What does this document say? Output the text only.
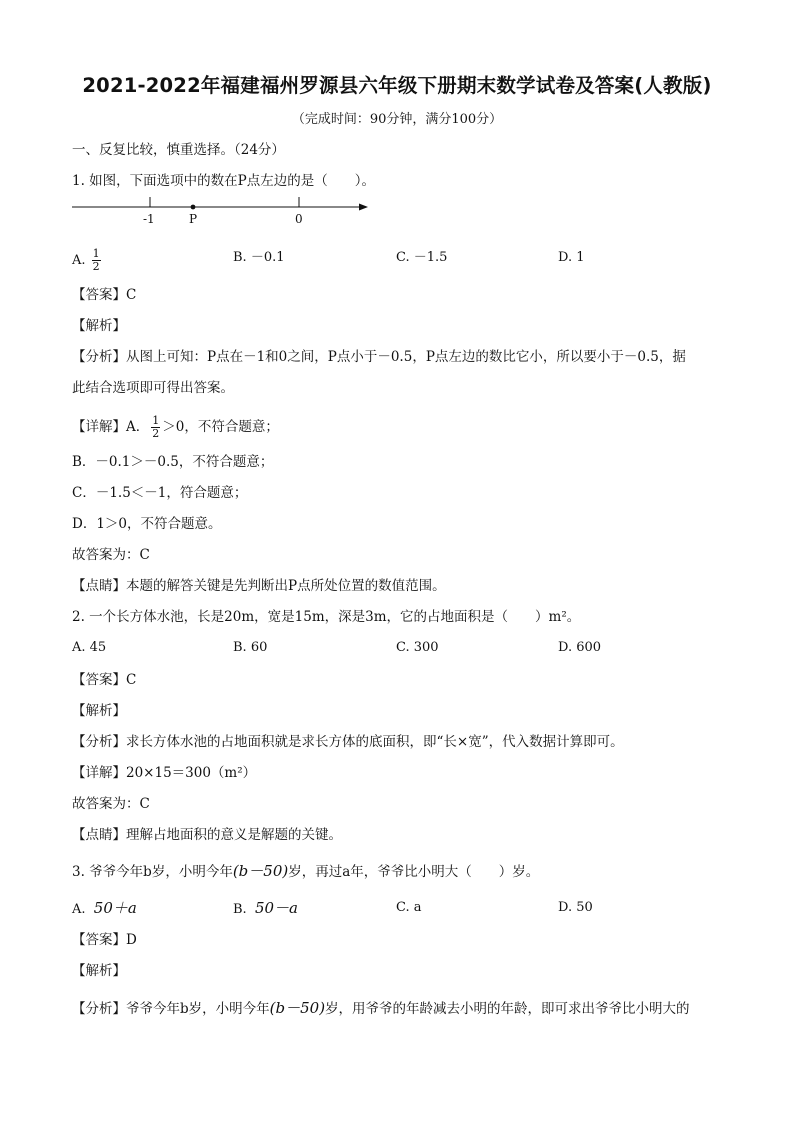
2021-2022年福建福州罗源县六年级下册期末数学试卷及答案(人教版)
（完成时间：90分钟，满分100分）
一、反复比较，慎重选择。（24分）
1. 如图，下面选项中的数在P点左边的是（　　）。
-1	P	0
A. $\frac{1}{2}$	B. －0.1	C. －1.5	D. 1
【答案】C
【解析】
【分析】从图上可知：P点在－1和0之间，P点小于－0.5，P点左边的数比它小，所以要小于－0.5，据
此结合选项即可得出答案。
【详解】A． $\frac{1}{2} >0$，不符合题意；
B．－0.1＞－0.5，不符合题意；
C．－1.5＜－1，符合题意；
D．1＞0，不符合题意。
故答案为：C
【点睛】本题的解答关键是先判断出P点所处位置的数值范围。
2. 一个长方体水池，长是20m，宽是15m，深是3m，它的占地面积是（　　）m²。
A. 45	B. 60	C. 300	D. 600
【答案】C
【解析】
【分析】求长方体水池的占地面积就是求长方体的底面积，即“长×宽”，代入数据计算即可。
【详解】20×15＝300（m²）
故答案为：C
【点睛】理解占地面积的意义是解题的关键。
3. 爷爷今年b岁，小明今年(b－50)岁，再过a年，爷爷比小明大（　　）岁。
A. 50＋a	B. 50－a	C. a	D. 50
【答案】D
【解析】
【分析】爷爷今年b岁，小明今年(b－50)岁，用爷爷的年龄减去小明的年龄，即可求出爷爷比小明大的
